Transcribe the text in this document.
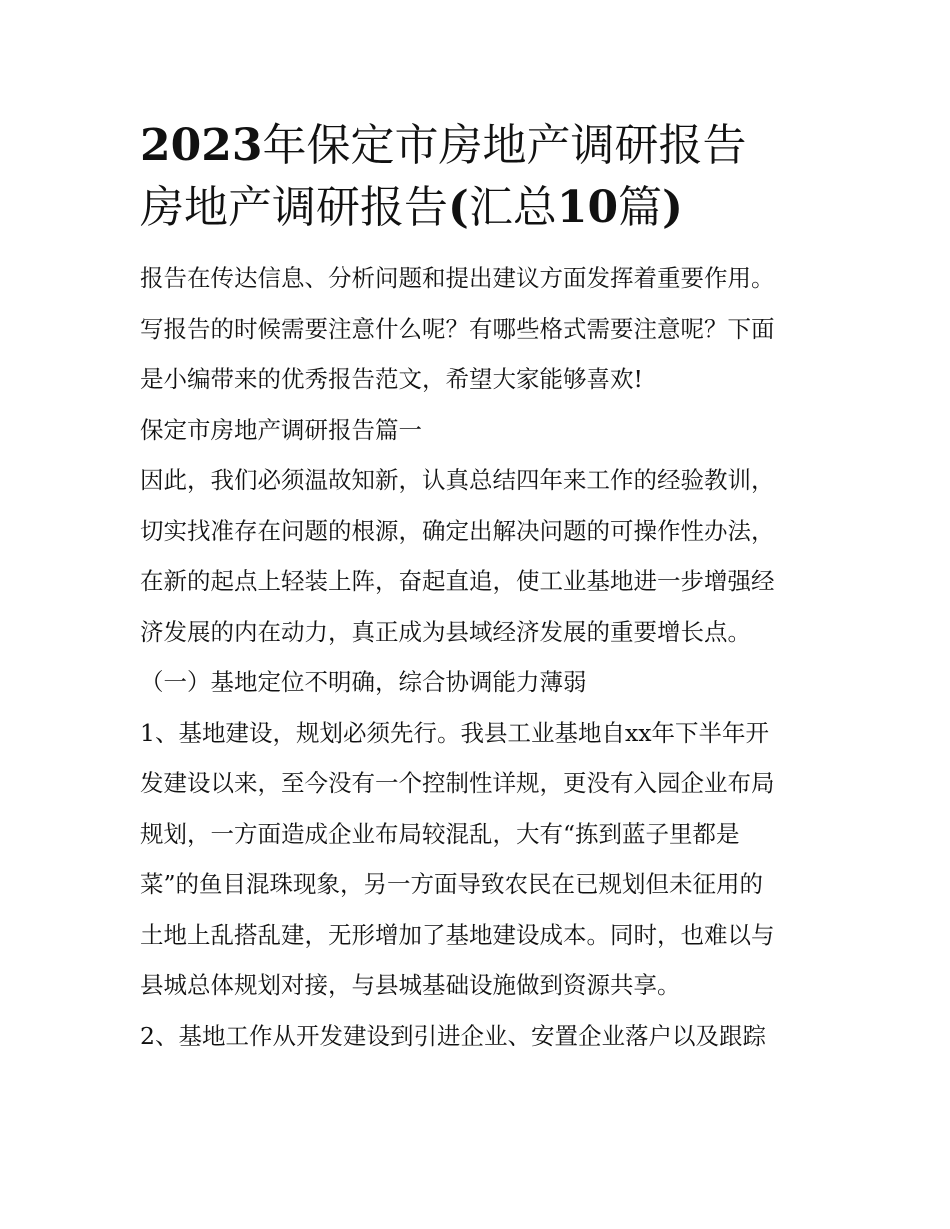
2023年保定市房地产调研报告
房地产调研报告(汇总10篇)

报告在传达信息、分析问题和提出建议方面发挥着重要作用。
写报告的时候需要注意什么呢？有哪些格式需要注意呢？下面
是小编带来的优秀报告范文，希望大家能够喜欢!

保定市房地产调研报告篇一

因此，我们必须温故知新，认真总结四年来工作的经验教训，
切实找准存在问题的根源，确定出解决问题的可操作性办法，
在新的起点上轻装上阵，奋起直追，使工业基地进一步增强经
济发展的内在动力，真正成为县域经济发展的重要增长点。

（一）基地定位不明确，综合协调能力薄弱

1、基地建设，规划必须先行。我县工业基地自xx年下半年开
发建设以来，至今没有一个控制性详规，更没有入园企业布局
规划，一方面造成企业布局较混乱，大有“拣到蓝子里都是
菜”的鱼目混珠现象，另一方面导致农民在已规划但未征用的
土地上乱搭乱建，无形增加了基地建设成本。同时，也难以与
县城总体规划对接，与县城基础设施做到资源共享。

2、基地工作从开发建设到引进企业、安置企业落户以及跟踪
